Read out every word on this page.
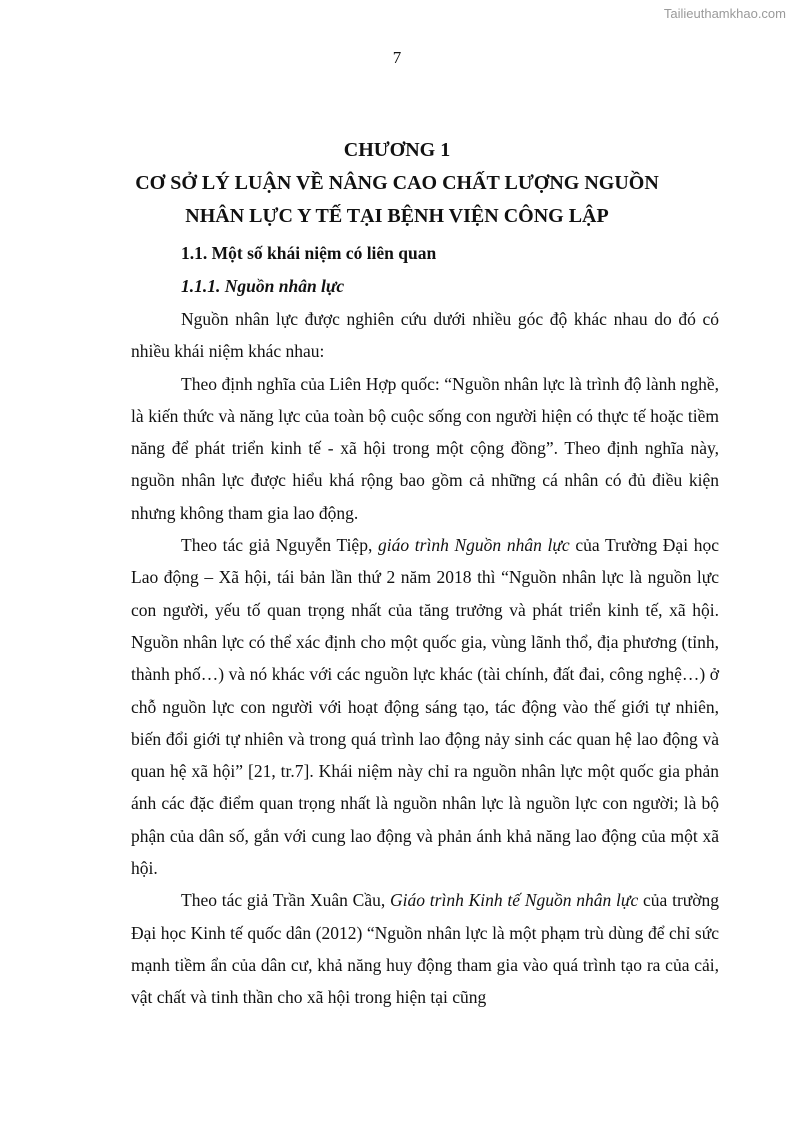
Tailieuthamkhao.com
7
CHƯƠNG 1
CƠ SỞ LÝ LUẬN VỀ NÂNG CAO CHẤT LƯỢNG NGUỒN
NHÂN LỰC Y TẾ TẠI BỆNH VIỆN CÔNG LẬP
1.1. Một số khái niệm có liên quan
1.1.1. Nguồn nhân lực

Nguồn nhân lực được nghiên cứu dưới nhiều góc độ khác nhau do đó có nhiều khái niệm khác nhau:

Theo định nghĩa của Liên Hợp quốc: “Nguồn nhân lực là trình độ lành nghề, là kiến thức và năng lực của toàn bộ cuộc sống con người hiện có thực tế hoặc tiềm năng để phát triển kinh tế - xã hội trong một cộng đồng”. Theo định nghĩa này, nguồn nhân lực được hiểu khá rộng bao gồm cả những cá nhân có đủ điều kiện nhưng không tham gia lao động.

Theo tác giả Nguyễn Tiệp, giáo trình Nguồn nhân lực của Trường Đại học Lao động – Xã hội, tái bản lần thứ 2 năm 2018 thì “Nguồn nhân lực là nguồn lực con người, yếu tố quan trọng nhất của tăng trưởng và phát triển kinh tế, xã hội. Nguồn nhân lực có thể xác định cho một quốc gia, vùng lãnh thổ, địa phương (tỉnh, thành phố…) và nó khác với các nguồn lực khác (tài chính, đất đai, công nghệ…) ở chỗ nguồn lực con người với hoạt động sáng tạo, tác động vào thế giới tự nhiên, biến đổi giới tự nhiên và trong quá trình lao động nảy sinh các quan hệ lao động và quan hệ xã hội” [21, tr.7]. Khái niệm này chỉ ra nguồn nhân lực một quốc gia phản ánh các đặc điểm quan trọng nhất là nguồn nhân lực là nguồn lực con người; là bộ phận của dân số, gắn với cung lao động và phản ánh khả năng lao động của một xã hội.

Theo tác giả Trần Xuân Cầu, Giáo trình Kinh tế Nguồn nhân lực của trường Đại học Kinh tế quốc dân (2012) “Nguồn nhân lực là một phạm trù dùng để chỉ sức mạnh tiềm ẩn của dân cư, khả năng huy động tham gia vào quá trình tạo ra của cải, vật chất và tinh thần cho xã hội trong hiện tại cũng
